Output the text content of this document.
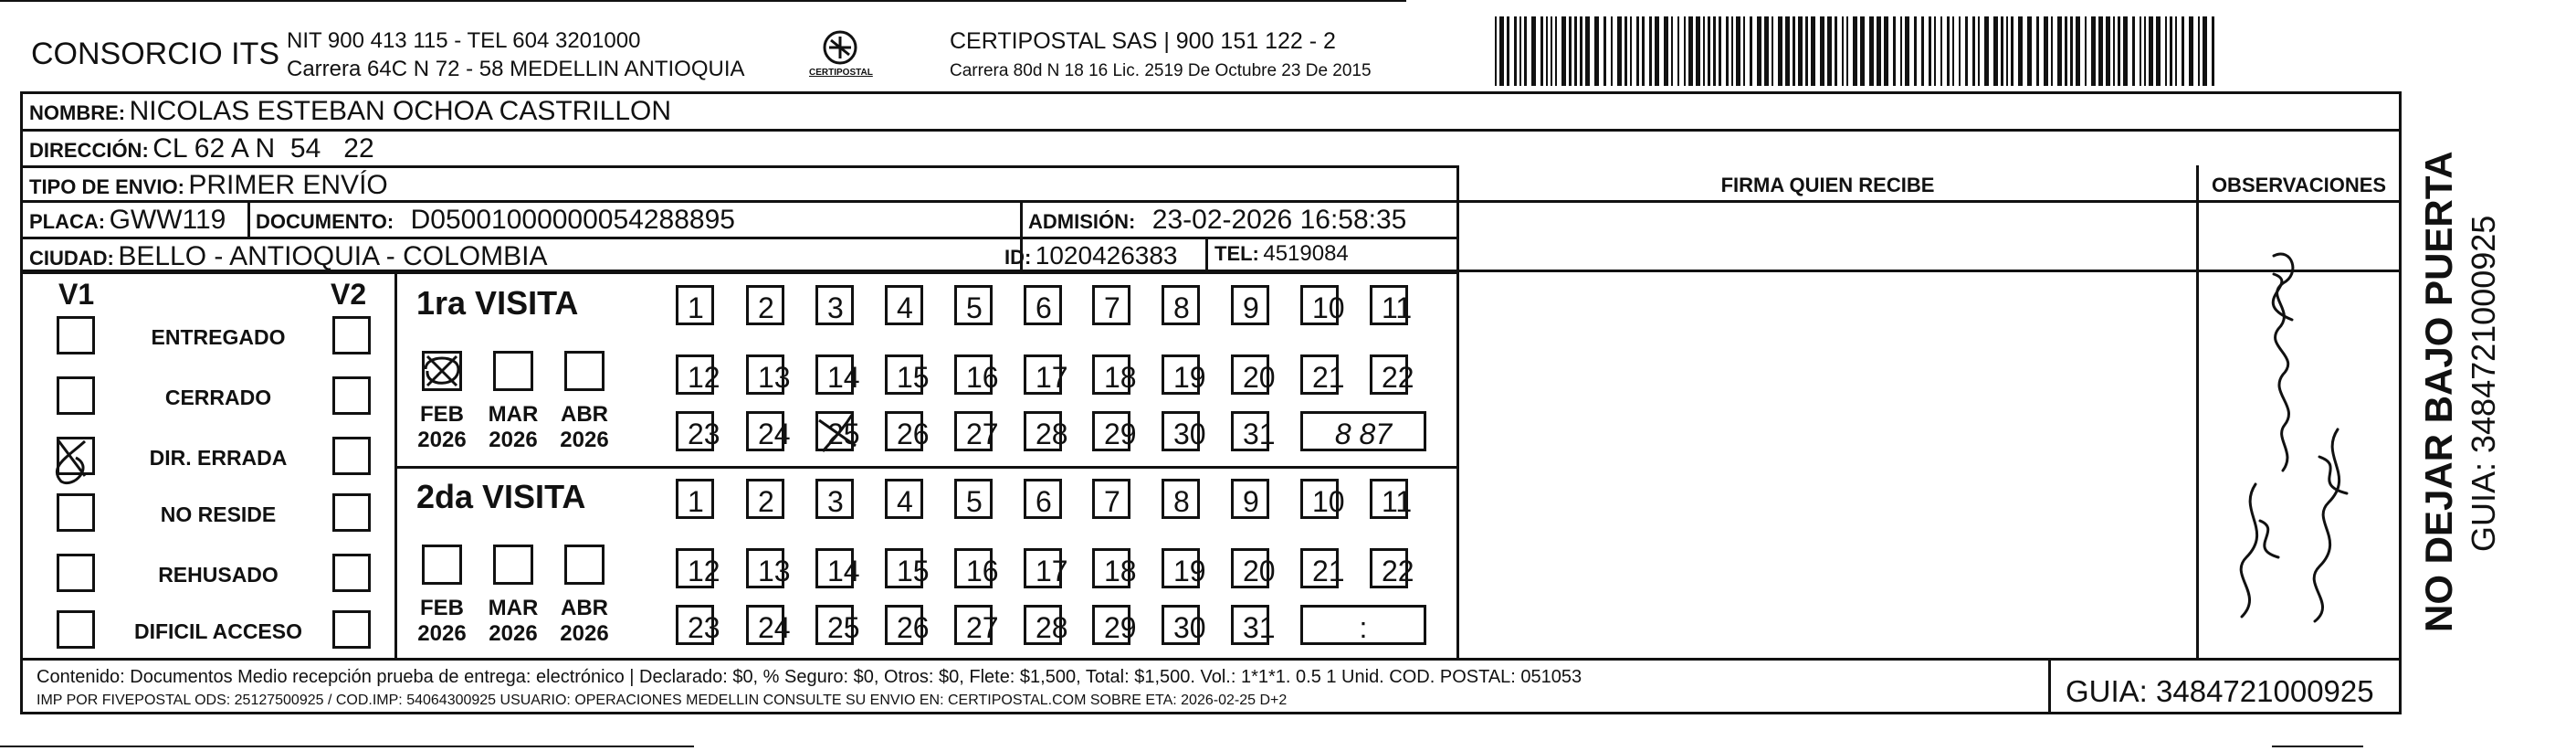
CONSORCIO ITS NIT 900 413 115 - TEL 604 3201000
Carrera 64C N 72 - 58 MEDELLIN ANTIOQUIA	CERTIPOSTAL
CERTIPOSTAL SAS | 900 151 122 - 2
Carrera 80d N 18 16 Lic. 2519 De Octubre 23 De 2015
NOMBRE: NICOLAS ESTEBAN OCHOA CASTRILLON
DIRECCIÓN: CL 62 A N  54   22
TIPO DE ENVIO: PRIMER ENVÍO	FIRMA QUIEN RECIBE	OBSERVACIONES
PLACA: GWW119 DOCUMENTO: D05001000000054288895	ADMISIÓN: 23-02-2026 16:58:35
CIUDAD: BELLO - ANTIOQUIA - COLOMBIA	ID: 1020426383 TEL: 4519084
V1	V2
ENTREGADO
CERRADO
DIR. ERRADA
NO RESIDE
REHUSADO
DIFICIL ACCESO
1ra VISITA
FEB
2026
MAR
2026
ABR
2026
1 2 3 4 5 6 7 8 9 10 11
12 13 14 15 16 17 18 19 20 21 22
23 24 25 26 27 28 29 30 31	8 87
2da VISITA
FEB
2026
MAR
2026
ABR
2026
1 2 3 4 5 6 7 8 9 10 11
12 13 14 15 16 17 18 19 20 21 22
23 24 25 26 27 28 29 30 31	:
Contenido: Documentos Medio recepción prueba de entrega: electrónico | Declarado: $0, % Seguro: $0, Otros: $0, Flete: $1,500, Total: $1,500. Vol.: 1*1*1. 0.5 1 Unid. COD. POSTAL: 051053
IMP POR FIVEPOSTAL ODS: 25127500925 / COD.IMP: 54064300925 USUARIO: OPERACIONES MEDELLIN CONSULTE SU ENVIO EN: CERTIPOSTAL.COM SOBRE ETA: 2026-02-25 D+2	GUIA: 3484721000925
NO DEJAR BAJO PUERTA GUIA: 3484721000925
